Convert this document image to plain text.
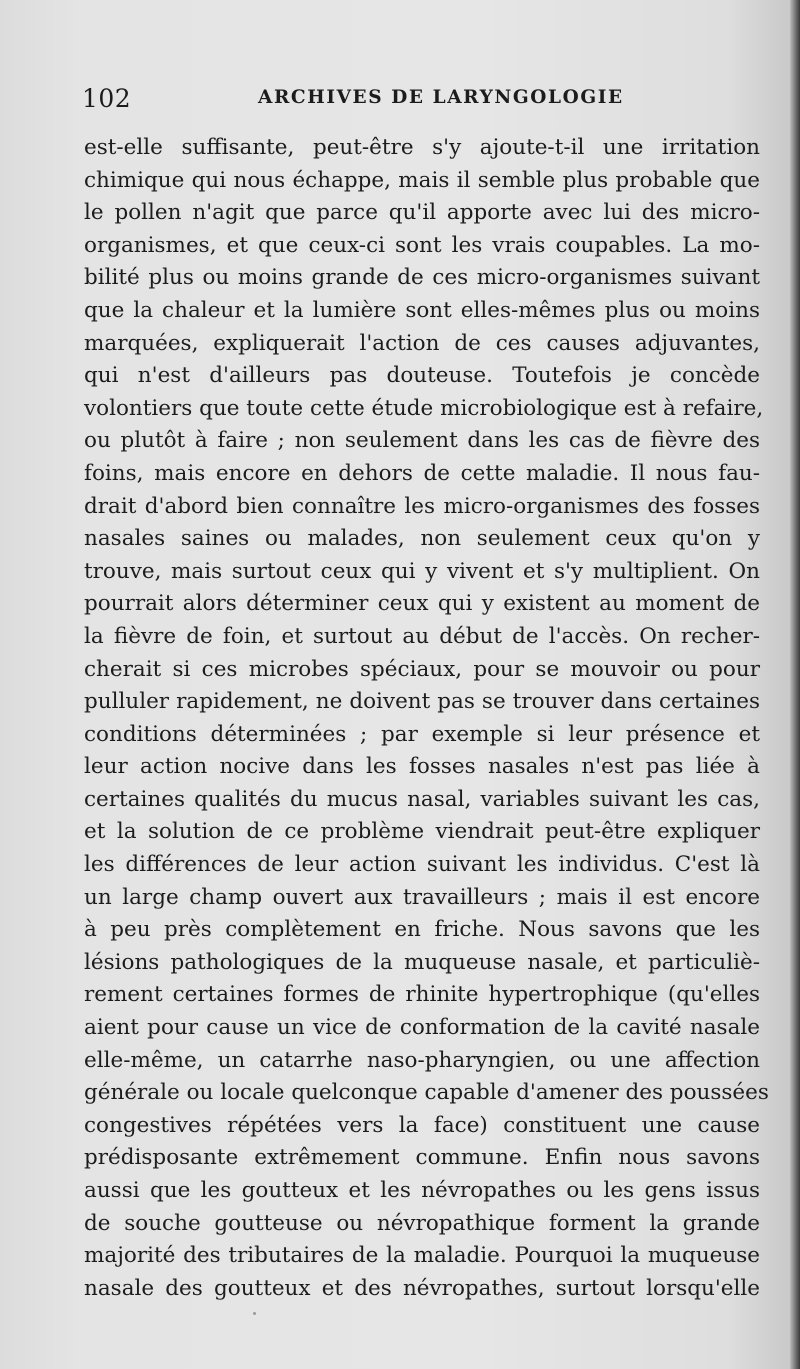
102	ARCHIVES DE LARYNGOLOGIE
est-elle suffisante, peut-être s'y ajoute-t-il une irritation
chimique qui nous échappe, mais il semble plus probable que
le pollen n'agit que parce qu'il apporte avec lui des micro-
organismes, et que ceux-ci sont les vrais coupables. La mo-
bilité plus ou moins grande de ces micro-organismes suivant
que la chaleur et la lumière sont elles-mêmes plus ou moins
marquées, expliquerait l'action de ces causes adjuvantes,
qui n'est d'ailleurs pas douteuse. Toutefois je concède
volontiers que toute cette étude microbiologique est à refaire,
ou plutôt à faire ; non seulement dans les cas de fièvre des
foins, mais encore en dehors de cette maladie. Il nous fau-
drait d'abord bien connaître les micro-organismes des fosses
nasales saines ou malades, non seulement ceux qu'on y
trouve, mais surtout ceux qui y vivent et s'y multiplient. On
pourrait alors déterminer ceux qui y existent au moment de
la fièvre de foin, et surtout au début de l'accès. On recher-
cherait si ces microbes spéciaux, pour se mouvoir ou pour
pulluler rapidement, ne doivent pas se trouver dans certaines
conditions déterminées ; par exemple si leur présence et
leur action nocive dans les fosses nasales n'est pas liée à
certaines qualités du mucus nasal, variables suivant les cas,
et la solution de ce problème viendrait peut-être expliquer
les différences de leur action suivant les individus. C'est là
un large champ ouvert aux travailleurs ; mais il est encore
à peu près complètement en friche. Nous savons que les
lésions pathologiques de la muqueuse nasale, et particuliè-
rement certaines formes de rhinite hypertrophique (qu'elles
aient pour cause un vice de conformation de la cavité nasale
elle-même, un catarrhe naso-pharyngien, ou une affection
générale ou locale quelconque capable d'amener des poussées
congestives répétées vers la face) constituent une cause
prédisposante extrêmement commune. Enfin nous savons
aussi que les goutteux et les névropathes ou les gens issus
de souche goutteuse ou névropathique forment la grande
majorité des tributaires de la maladie. Pourquoi la muqueuse
nasale des goutteux et des névropathes, surtout lorsqu'elle
